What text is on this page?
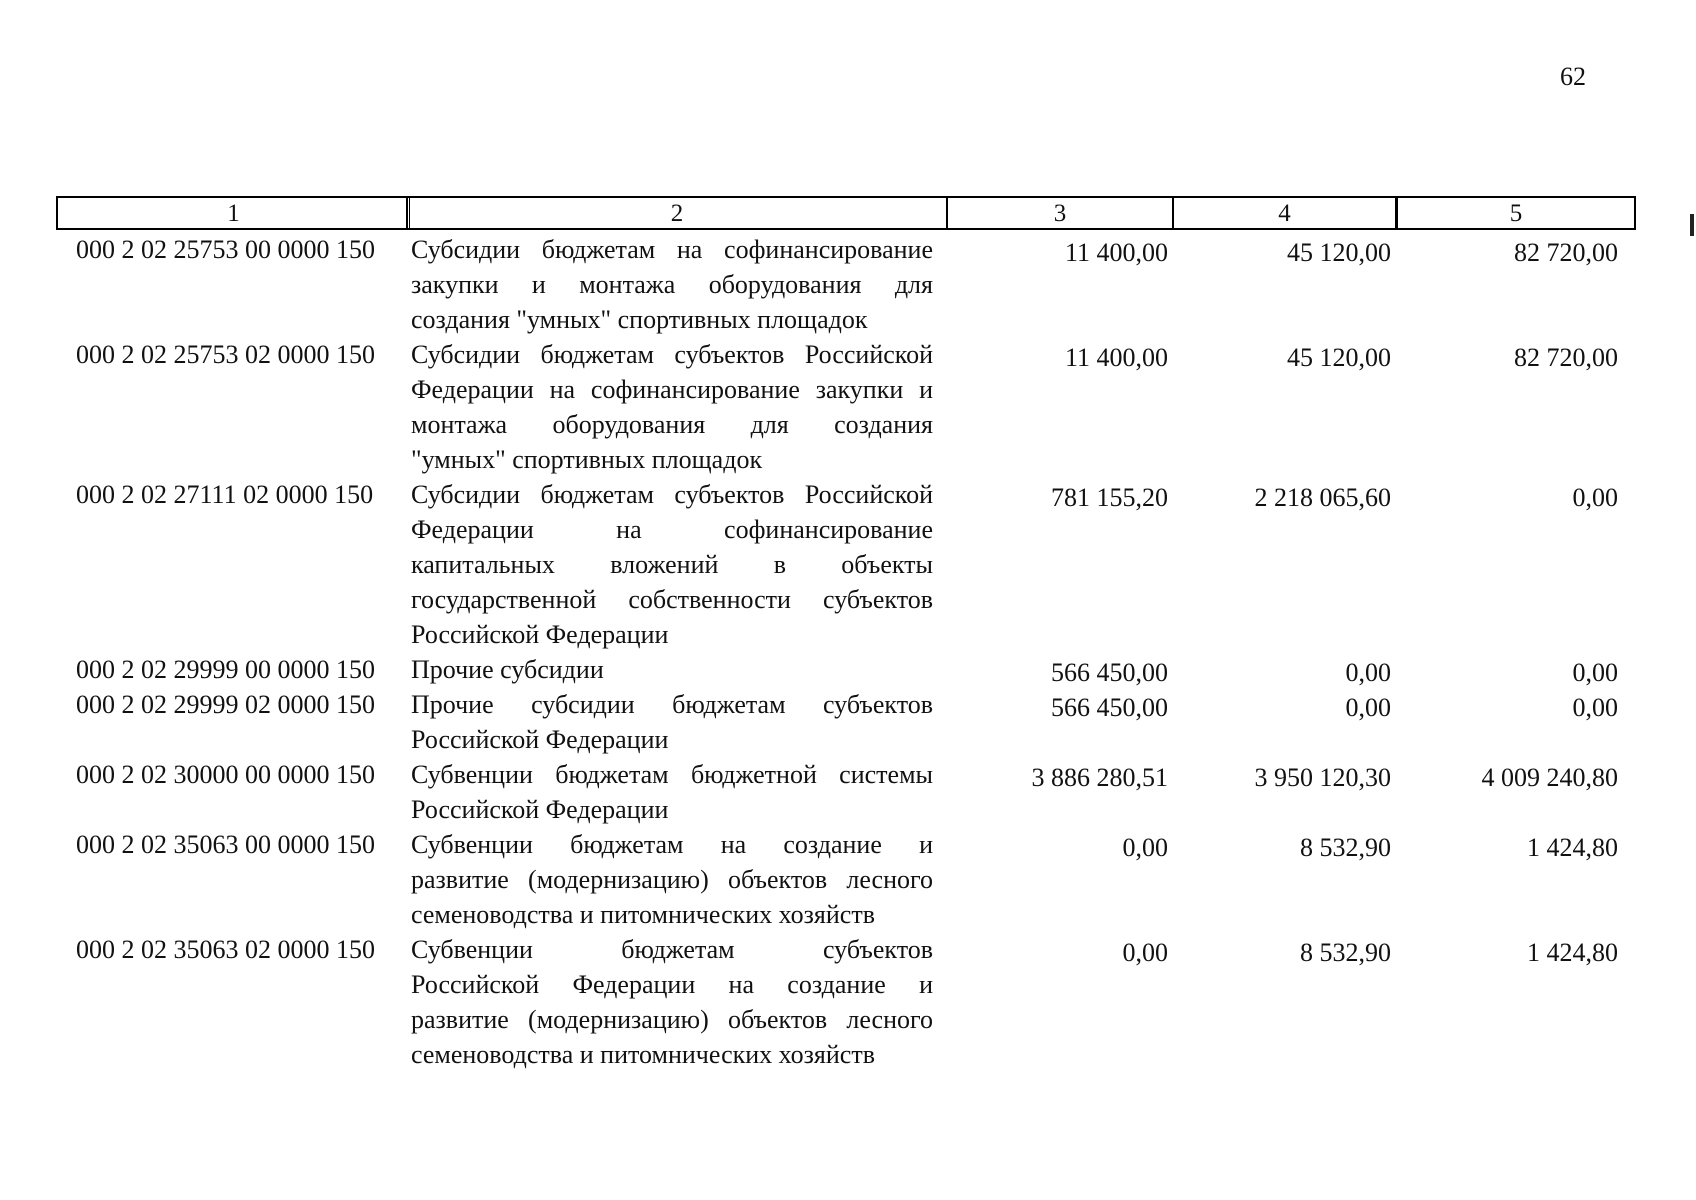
62
1	2	3	4	5
000 2 02 25753 00 0000 150 Субсидии бюджетам на софинансирование
закупки и монтажа оборудования для
создания "умных" спортивных площадок
11 400,00	45 120,00	82 720,00
000 2 02 25753 02 0000 150 Субсидии бюджетам субъектов Российской
Федерации на софинансирование закупки и
монтажа оборудования для создания
"умных" спортивных площадок
11 400,00	45 120,00	82 720,00
000 2 02 27111 02 0000 150 Субсидии бюджетам субъектов Российской
Федерации на софинансирование
капитальных вложений в объекты
государственной собственности субъектов
Российской Федерации
781 155,20	2 218 065,60	0,00
000 2 02 29999 00 0000 150 Прочие субсидии	566 450,00	0,00	0,00
000 2 02 29999 02 0000 150 Прочие субсидии бюджетам субъектов
Российской Федерации
566 450,00	0,00	0,00
000 2 02 30000 00 0000 150 Субвенции бюджетам бюджетной системы
Российской Федерации
3 886 280,51	3 950 120,30	4 009 240,80
000 2 02 35063 00 0000 150 Субвенции бюджетам на создание и
развитие (модернизацию) объектов лесного
семеноводства и питомнических хозяйств
0,00	8 532,90	1 424,80
000 2 02 35063 02 0000 150 Субвенции бюджетам субъектов
Российской Федерации на создание и
развитие (модернизацию) объектов лесного
семеноводства и питомнических хозяйств
0,00	8 532,90	1 424,80
